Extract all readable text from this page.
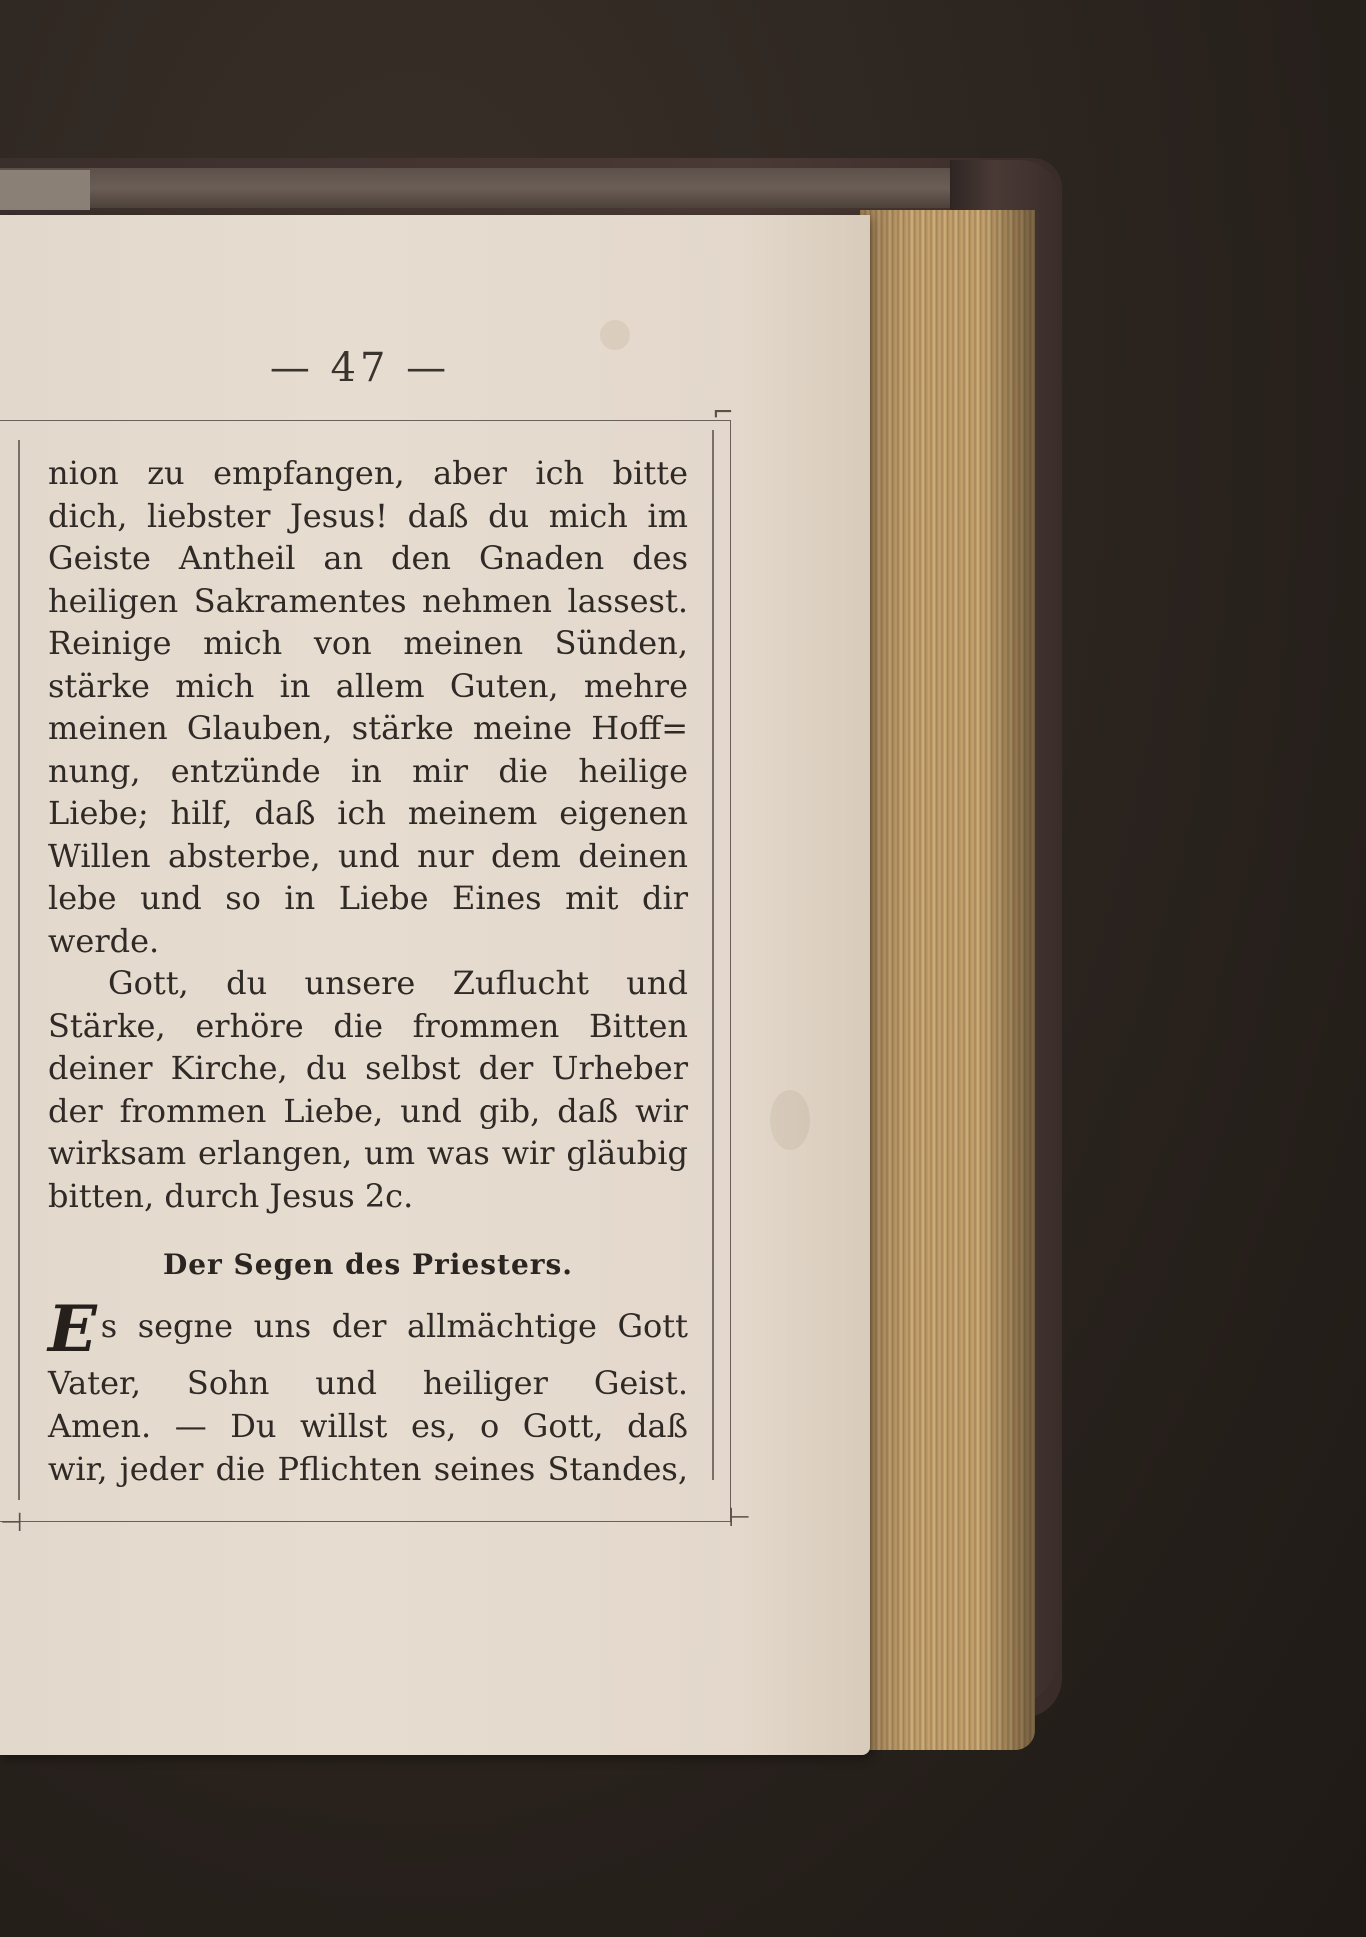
— 47 —
⌐
⊣	⊢
nion zu empfangen, aber ich bitte
dich, liebster Jesus! daß du mich im
Geiste Antheil an den Gnaden des
heiligen Sakramentes nehmen lassest.
Reinige mich von meinen Sünden,
stärke mich in allem Guten, mehre
meinen Glauben, stärke meine Hoff=
nung, entzünde in mir die heilige
Liebe; hilf, daß ich meinem eigenen
Willen absterbe, und nur dem deinen
lebe und so in Liebe Eines mit dir
werde.
Gott, du unsere Zuflucht und
Stärke, erhöre die frommen Bitten
deiner Kirche, du selbst der Urheber
der frommen Liebe, und gib, daß wir
wirksam erlangen, um was wir gläubig
bitten, durch Jesus 2c.
Der Segen des Priesters.
Es segne uns der allmächtige Gott
Vater, Sohn und heiliger Geist.
Amen. — Du willst es, o Gott, daß
wir, jeder die Pflichten seines Standes,
